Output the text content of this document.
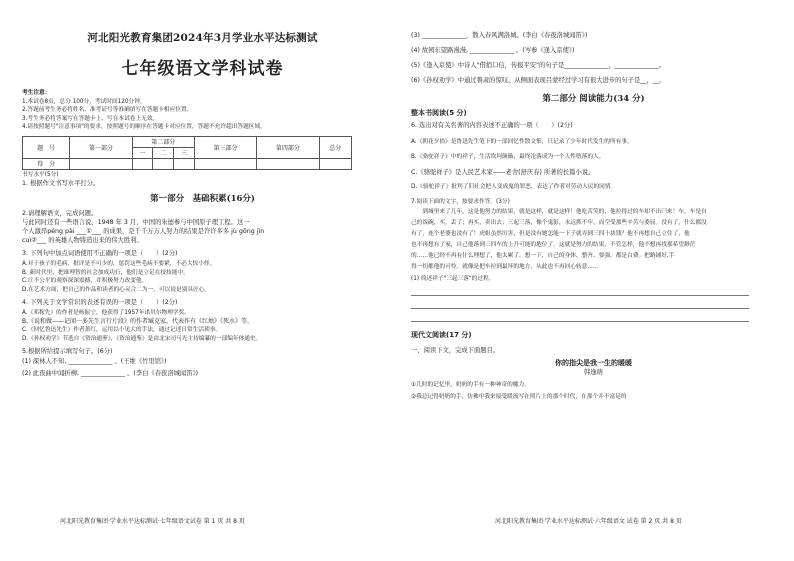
河北阳光教育集团2024年3月学业水平达标测试
七年级语文学科试卷
考生注意：
1.本试卷8页，总分 100分，考试时间120分钟。
2.答题前考生务必将姓名、准考证号等准确填写在答题卡相应位置。
3.考生务必将答案写在答题卡上，写在本试卷上无效。
4.请按照题号"注意事项"的要求，按照题号的顺序在答题卡对应位置，答题不允许超出答题区域。
题　号	第一部分	第二部分			第三部分	第四部分	总分
		一	二	三			
得　分							
书写水平(5分)
1. 根据作文书写水平打分。
第一部分　基础积累(16分)
2.请理解语文，完成问题。
与此同时还有一些语言说，1948 年 3 月，中国的朱德参与中国原子理工程。这一
个人激昂péng pài ___①___ 的成果，是千千万万人努力的结果是许许多多 jù gōng jìn
cuì②___ 的英雄人物铸造出来的伟大胜利。
3. 下列句中加点词语使用不正确的一项是（　　）(2分)
A.对于孩子的毛病，批评是不可少的，惩罚这些毛病不要紧，不必大惊小怪。
B. 新时代里，把谁理智的社会加成功行，他们是立足在技技能中。
C.让不公平的观察深深震撼，并积极努力改变他。
D.在艺术方面，把自己的作品和读者的心灵合二为一，可以说是别具匠心。
4. 下列关于文学常识的表述有误的一项是（　　）(2分)
A.《邓稼先》的作者是杨振宁，他获得了1957年诺贝尔物理学奖。
B.《说和做——记闻一多先生言行片段》的作者臧克家，代表作有《红烛》《死水》等。
C.《回忆鲁迅先生》作者萧红，运用以小见大的手法，通过记述日常生活琐事。
D.《孙权劝学》节选自《资治通鉴》，《资治通鉴》是由北宋司马光主持编纂的一部编年体通史。
5.根据所给提示填写句子。(6分)
(1) 深林人不知, ______________ 。(王维《竹里馆》)
(2) 此夜曲中闻折柳, ______________ 。(李白《春夜洛城闻笛》)
河北阳光教育集团·学业水平达标测试·七年级语文试卷 第 1 页 共 8 页
(3) ______________，散入春风满洛城。(李白《春夜洛城闻笛》)
(4) 故园东望路漫漫, ______________ 。(岑参《逢入京使》)
(5)《逢入京使》中诗人"借捎口信，传报平安"的句子是______________，______________。
(6)《孙权劝学》中通过鲁肃的惊叹，从侧面表现吕蒙经过学习有很大进步的句子是__，__。
第二部分 阅读能力(34 分)
整本书阅读(5 分)
6. 选出对有关名著的内容表述不正确的一项（　　）(2分)
A.《朝花夕拾》是鲁迅先生笔下的一部回忆性散文集，只记录了少年时代发生的所有事。
B.《骆驼祥子》中的祥子，生活坎坷颠簸，最终沦落成为一个人性堕落的人。
C.《骆驼祥子》是人民艺术家——老舍(舒庆春) 所著的长篇小说。
D.《骆驼祥子》批判了旧社会把人变成鬼的罪恶，表达了作者对劳动人民的同情。
7.阅读下面的文字，按要求作答。(3分)
　　到城里来了几年，这是他努力的结果，就是这样，就是这样！他吃苦笑的，他拉得过的车却不出门来！车，车是自
己的饭碗，买，丢了；再买，卖出去；三起三落，像个鬼影，永远抓不牢，而空受那些辛苦与委屈。没有了，什么都没
有了，连个老婆也没有了！虎姐虽然厉害，但是没有她怎能一下子就弄到三四十块钱？他不再想自己立住了，他
也不再想有了家，自己他落到三四车的上升可能的地位了。这就是努力的结果，不管怎样，他不想再找那希望渺茫
的……他已经不再有什么理想了，他太累了，想一下，自己的身体、整齐、要强，都是白费。把路铺好,手
得一切都他的可怜。就像是把车拉到最坏的地方，从此也不再回心转意……
(1) 简述祥子"三起三落"的过程。
现代文阅读(17 分)
一、阅读下文，完成下面题目。
你的指尖是我一生的暖暖
韩逸萌
①儿时的记忆里，奶奶的手有一种神奇的魔力。
②我总记得奶奶的手，仿佛中我来接受暖流写在照片上的那个时代，在那个并不富足的
河北阳光教育集团·学业水平达标测试·六年级语文 试卷 第 2 页 共 8 页
